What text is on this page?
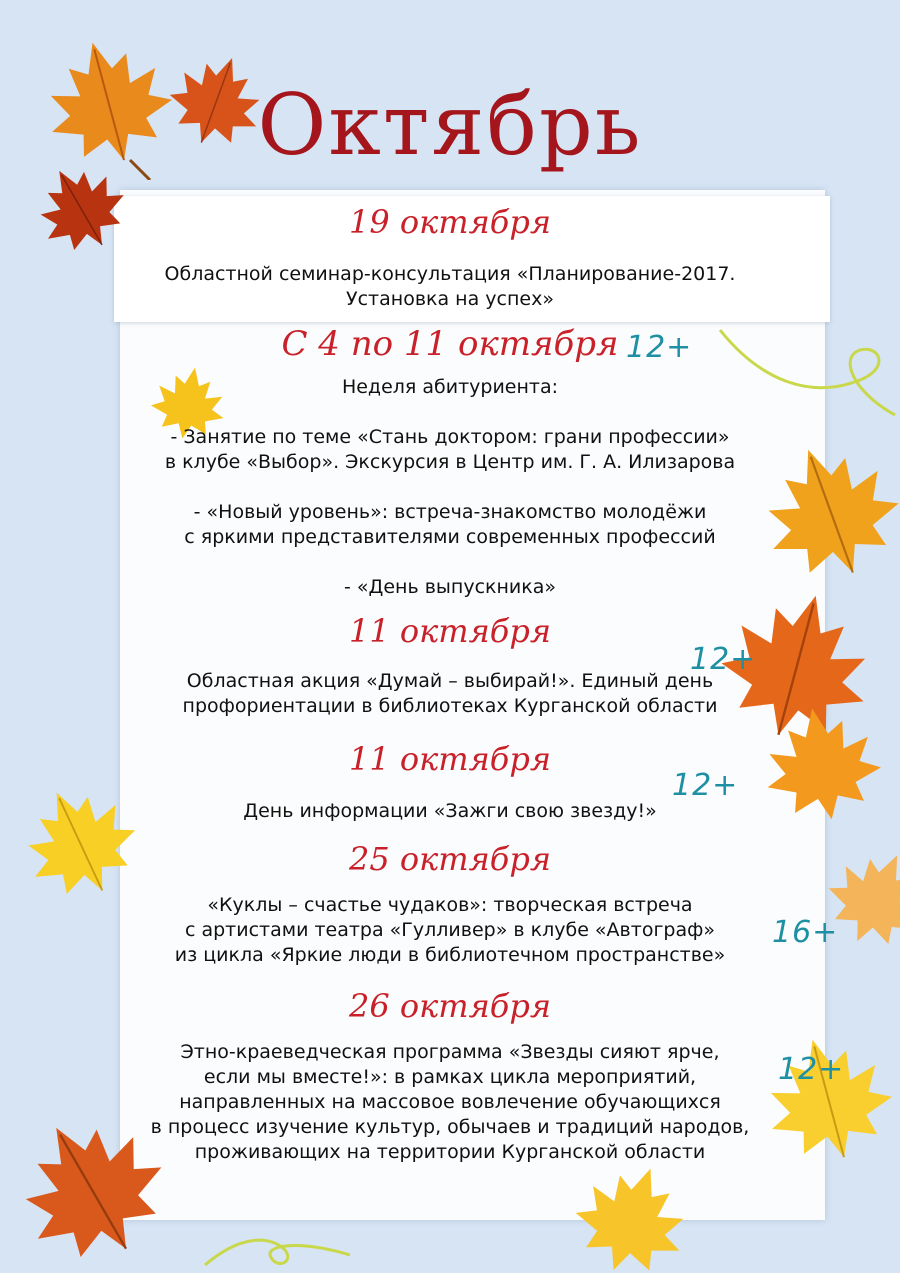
Октябрь
19 октября
Областной семинар-консультация «Планирование-2017.
Установка на успех»
С 4 по 11 октября 12+
Неделя абитуриента:
- Занятие по теме «Стань доктором: грани профессии»
в клубе «Выбор». Экскурсия в Центр им. Г. А. Илизарова
- «Новый уровень»: встреча-знакомство молодёжи
с яркими представителями современных профессий
- «День выпускника»
11 октября
12+
Областная акция «Думай – выбирай!». Единый день
профориентации в библиотеках Курганской области
11 октября
12+
День информации «Зажги свою звезду!»
25 октября
16+
«Куклы – счастье чудаков»: творческая встреча
с артистами театра «Гулливер» в клубе «Автограф»
из цикла «Яркие люди в библиотечном пространстве»
26 октября
12+
Этно-краеведческая программа «Звезды сияют ярче,
если мы вместе!»: в рамках цикла мероприятий,
направленных на массовое вовлечение обучающихся
в процесс изучение культур, обычаев и традиций народов,
проживающих на территории Курганской области
